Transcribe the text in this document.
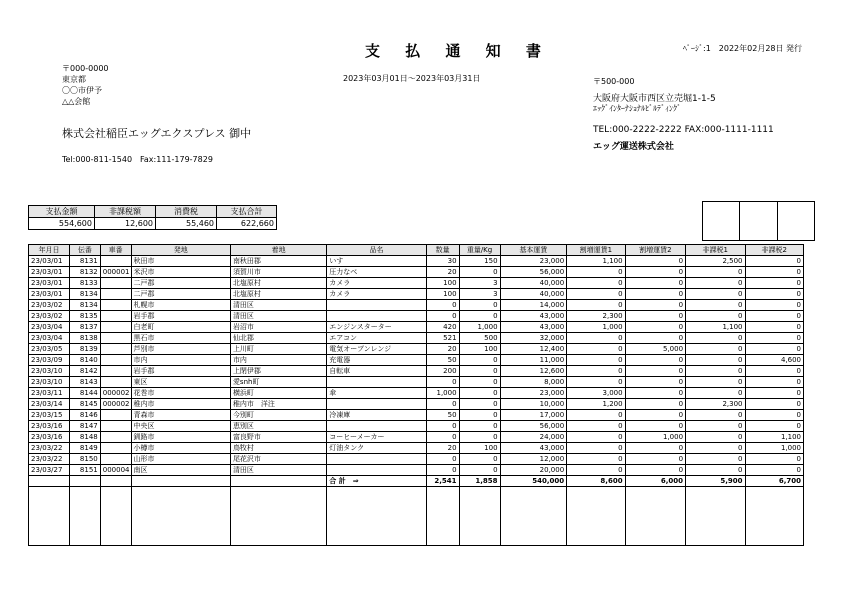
支 払 通 知 書	ﾍﾟｰｼﾞ:1　2022年02月28日 発行
2023年03月01日～2023年03月31日
〒000-0000
東京都
〇〇市伊予
△△会館
株式会社稲臣エッグエクスプレス 御中
Tel:000-811-1540　Fax:111-179-7829
〒500-000
大阪府大阪市西区立売堀1-1-5
ｴｯｸﾞｲﾝﾀｰﾅｼｮﾅﾙﾋﾞﾙﾃﾞｨﾝｸﾞ
TEL:000-2222-2222 FAX:000-1111-1111
エッグ運送株式会社
支払金額	非課税額	消費税	支払合計
554,600	12,600	55,460	622,660
年月日	伝番	車番	発地	着地	品名	数量	重量/Kg	基本運賃	割増運賃1	割増運賃2	非課税1	非課税2
23/03/01	8131		秋田市	南秋田郡	いす	30	150	23,000	1,100	0	2,500	0
23/03/01	8132	000001	米沢市	須賀川市	圧力なべ	20	0	56,000	0	0	0	0
23/03/01	8133		二戸郡	北塩原村	カメラ	100	3	40,000	0	0	0	0
23/03/01	8134		二戸郡	北塩原村	カメラ	100	3	40,000	0	0	0	0
23/03/02	8134		札幌市	清田区		0	0	14,000	0	0	0	0
23/03/02	8135		岩手郡	清田区		0	0	43,000	2,300	0	0	0
23/03/04	8137		白老町	岩沼市	エンジンスターター	420	1,000	43,000	1,000	0	1,100	0
23/03/04	8138		黒石市	仙北郡	エアコン	521	500	32,000	0	0	0	0
23/03/05	8139		芦別市	上川町	電気オーブンレンジ	20	100	12,400	0	5,000	0	0
23/03/09	8140		市内	市内	充電器	50	0	11,000	0	0	0	4,600
23/03/10	8142		岩手郡	上閉伊郡	自転車	200	0	12,600	0	0	0	0
23/03/10	8143		東区	愛snh町		0	0	8,000	0	0	0	0
23/03/11	8144	000002	花巻市	横浜町	傘	1,000	0	23,000	3,000	0	0	0
23/03/14	8145	000002	稚内市	稚内市　洋注		0	0	10,000	1,200	0	2,300	0
23/03/15	8146		青森市	今別町	冷凍庫	50	0	17,000	0	0	0	0
23/03/16	8147		中央区	恵別区		0	0	56,000	0	0	0	0
23/03/16	8148		釧路市	富良野市	コーヒーメーカー	0	0	24,000	0	1,000	0	1,100
23/03/22	8149		小樽市	鳥牧村	灯油タンク	20	100	43,000	0	0	0	1,000
23/03/22	8150		山形市	尾花沢市		0	0	12,000	0	0	0	0
23/03/27	8151	000004	南区	清田区		0	0	20,000	0	0	0	0
					合 計　⇒	2,541	1,858	540,000	8,600	6,000	5,900	6,700
